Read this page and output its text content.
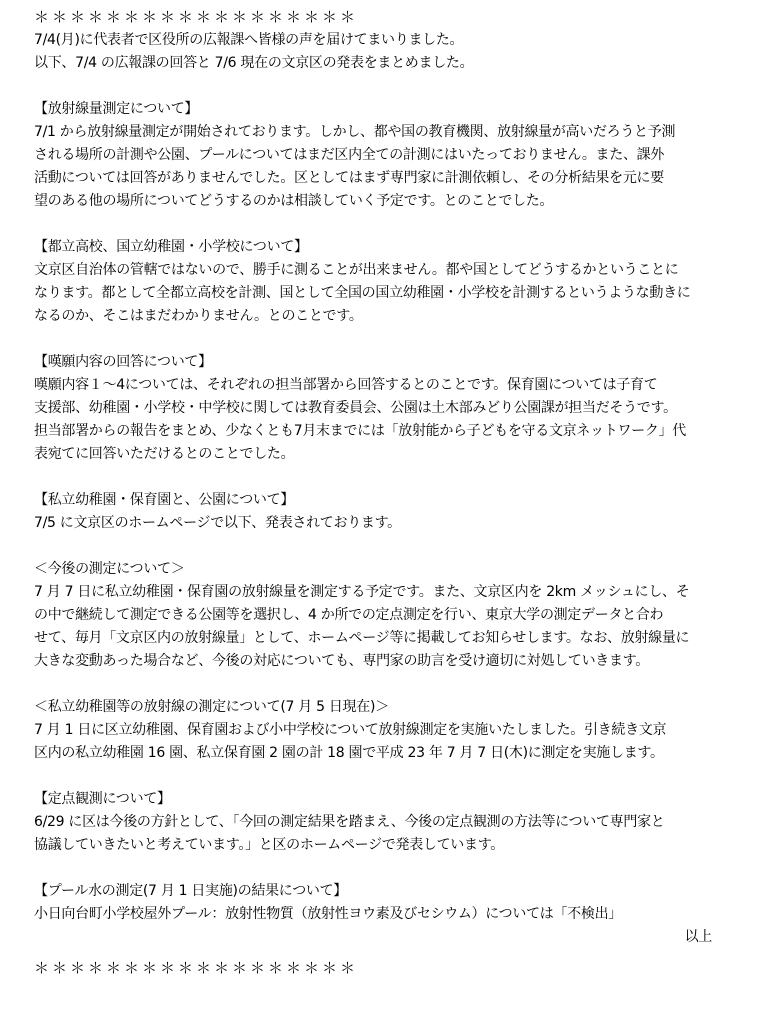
＊＊＊＊＊＊＊＊＊＊＊＊＊＊＊＊＊＊
7/4(月)に代表者で区役所の広報課へ皆様の声を届けてまいりました。
以下、7/4 の広報課の回答と 7/6 現在の文京区の発表をまとめました。
【放射線量測定について】
7/1 から放射線量測定が開始されております。しかし、都や国の教育機関、放射線量が高いだろうと予測
される場所の計測や公園、プールについてはまだ区内全ての計測にはいたっておりません。また、課外
活動については回答がありませんでした。区としてはまず専門家に計測依頼し、その分析結果を元に要
望のある他の場所についてどうするのかは相談していく予定です。とのことでした。
【都立高校、国立幼稚園・小学校について】
文京区自治体の管轄ではないので、勝手に測ることが出来ません。都や国としてどうするかということに
なります。都として全都立高校を計測、国として全国の国立幼稚園・小学校を計測するというような動きに
なるのか、そこはまだわかりません。とのことです。
【嘆願内容の回答について】
嘆願内容１～4については、それぞれの担当部署から回答するとのことです。保育園については子育て
支援部、幼稚園・小学校・中学校に関しては教育委員会、公園は土木部みどり公園課が担当だそうです。
担当部署からの報告をまとめ、少なくとも7月末までには「放射能から子どもを守る文京ネットワーク」代
表宛てに回答いただけるとのことでした。
【私立幼稚園・保育園と、公園について】
7/5 に文京区のホームページで以下、発表されております。
＜今後の測定について＞
7 月 7 日に私立幼稚園・保育園の放射線量を測定する予定です。また、文京区内を 2km メッシュにし、そ
の中で継続して測定できる公園等を選択し、4 か所での定点測定を行い、東京大学の測定データと合わ
せて、毎月「文京区内の放射線量」として、ホームページ等に掲載してお知らせします。なお、放射線量に
大きな変動あった場合など、今後の対応についても、専門家の助言を受け適切に対処していきます。
＜私立幼稚園等の放射線の測定について(7 月 5 日現在)＞
7 月 1 日に区立幼稚園、保育園および小中学校について放射線測定を実施いたしました。引き続き文京
区内の私立幼稚園 16 園、私立保育園 2 園の計 18 園で平成 23 年 7 月 7 日(木)に測定を実施します。
【定点観測について】
6/29 に区は今後の方針として、「今回の測定結果を踏まえ、今後の定点観測の方法等について専門家と
協議していきたいと考えています。」と区のホームページで発表しています。
【プール水の測定(7 月 1 日実施)の結果について】
小日向台町小学校屋外プール：放射性物質（放射性ヨウ素及びセシウム）については「不検出」
以上
＊＊＊＊＊＊＊＊＊＊＊＊＊＊＊＊＊＊
